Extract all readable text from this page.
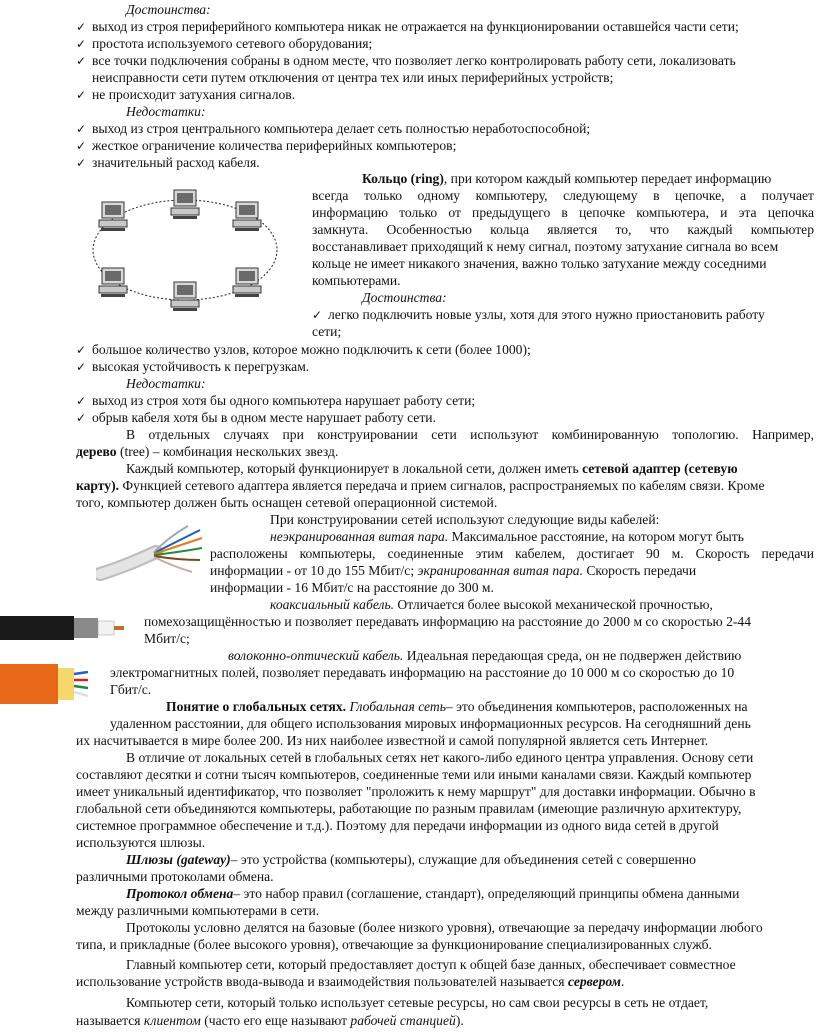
Достоинства:
✓ выход из строя периферийного компьютера никак не отражается на функционировании оставшейся части сети;
✓ простота используемого сетевого оборудования;
✓ все точки подключения собраны в одном месте, что позволяет легко контролировать работу сети, локализовать
неисправности сети путем отключения от центра тех или иных периферийных устройств;
✓ не происходит затухания сигналов.
Недостатки:
✓ выход из строя центрального компьютера делает сеть полностью неработоспособной;
✓ жесткое ограничение количества периферийных компьютеров;
✓ значительный расход кабеля.
Кольцо (ring), при котором каждый компьютер передает информацию
всегда только одному компьютеру, следующему в цепочке, а получает
информацию только от предыдущего в цепочке компьютера, и эта цепочка
замкнута. Особенностью кольца является то, что каждый компьютер
восстанавливает приходящий к нему сигнал, поэтому затухание сигнала во всем
кольце не имеет никакого значения, важно только затухание между соседними
компьютерами.
Достоинства:
✓ легко подключить новые узлы, хотя для этого нужно приостановить работу
сети;
✓ большое количество узлов, которое можно подключить к сети (более 1000);
✓ высокая устойчивость к перегрузкам.
Недостатки:
✓ выход из строя хотя бы одного компьютера нарушает работу сети;
✓ обрыв кабеля хотя бы в одном месте нарушает работу сети.
В отдельных случаях при конструировании сети используют комбинированную топологию. Например,
дерево (tree) – комбинация нескольких звезд.
Каждый компьютер, который функционирует в локальной сети, должен иметь сетевой адаптер (сетевую
карту). Функцией сетевого адаптера является передача и прием сигналов, распространяемых по кабелям связи. Кроме
того, компьютер должен быть оснащен сетевой операционной системой.
При конструировании сетей используют следующие виды кабелей:
неэкранированная витая пара. Максимальное расстояние, на котором могут быть
расположены компьютеры, соединенные этим кабелем, достигает 90 м. Скорость передачи
информации - от 10 до 155 Мбит/с; экранированная витая пара. Скорость передачи
информации - 16 Мбит/с на расстояние до 300 м.
коаксиальный кабель. Отличается более высокой механической прочностью,
помехозащищённостью и позволяет передавать информацию на расстояние до 2000 м со скоростью 2-44
Мбит/с;
волоконно-оптический кабель. Идеальная передающая среда, он не подвержен действию
электромагнитных полей, позволяет передавать информацию на расстояние до 10 000 м со скоростью до 10
Гбит/с.
Понятие о глобальных сетях. Глобальная сеть– это объединения компьютеров, расположенных на
удаленном расстоянии, для общего использования мировых информационных ресурсов. На сегодняшний день
их насчитывается в мире более 200. Из них наиболее известной и самой популярной является сеть Интернет.
В отличие от локальных сетей в глобальных сетях нет какого-либо единого центра управления. Основу сети
составляют десятки и сотни тысяч компьютеров, соединенные теми или иными каналами связи. Каждый компьютер
имеет уникальный идентификатор, что позволяет "проложить к нему маршрут" для доставки информации. Обычно в
глобальной сети объединяются компьютеры, работающие по разным правилам (имеющие различную архитектуру,
системное программное обеспечение и т.д.). Поэтому для передачи информации из одного вида сетей в другой
используются шлюзы.
Шлюзы (gateway)– это устройства (компьютеры), служащие для объединения сетей с совершенно
различными протоколами обмена.
Протокол обмена– это набор правил (соглашение, стандарт), определяющий принципы обмена данными
между различными компьютерами в сети.
Протоколы условно делятся на базовые (более низкого уровня), отвечающие за передачу информации любого
типа, и прикладные (более высокого уровня), отвечающие за функционирование специализированных служб.
Главный компьютер сети, который предоставляет доступ к общей базе данных, обеспечивает совместное
использование устройств ввода-вывода и взаимодействия пользователей называется сервером.
Компьютер сети, который только использует сетевые ресурсы, но сам свои ресурсы в сеть не отдает,
называется клиентом (часто его еще называют рабочей станцией).
